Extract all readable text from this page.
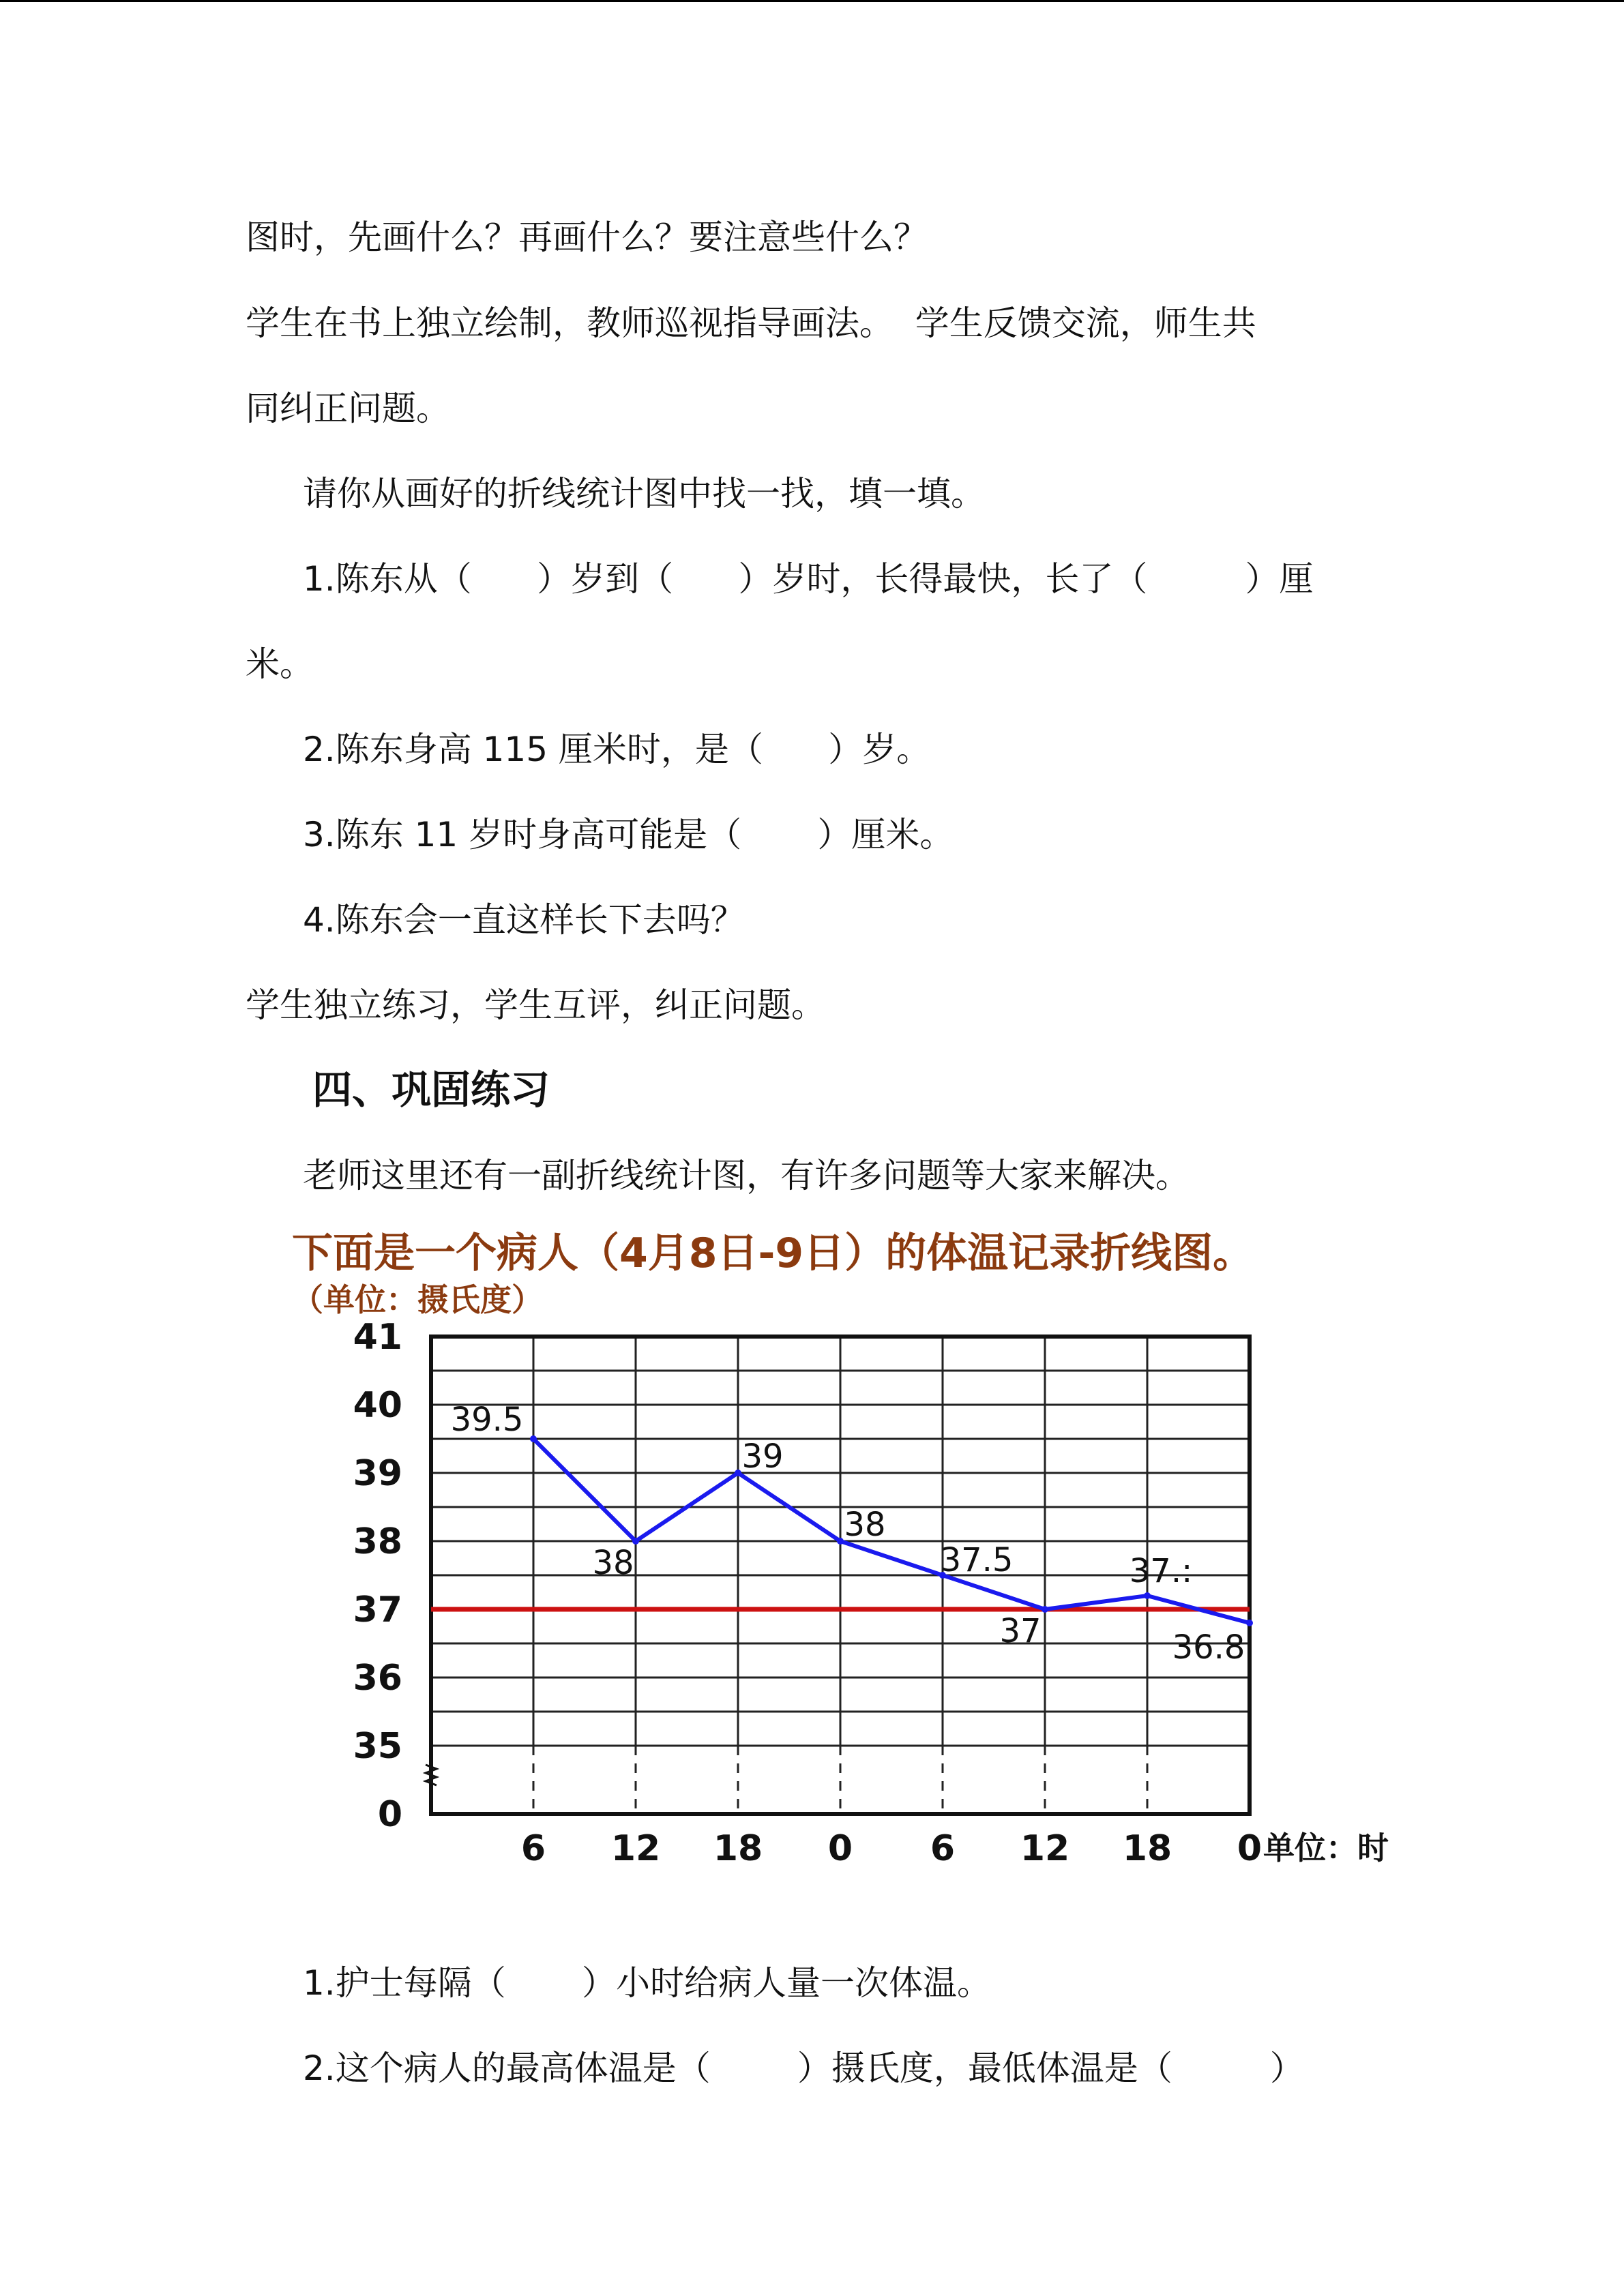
图时，先画什么？再画什么？要注意些什么？

学生在书上独立绘制，教师巡视指导画法。  学生反馈交流，师生共

同纠正问题。

请你从画好的折线统计图中找一找，填一填。

1.陈东从（      ）岁到（      ）岁时，长得最快，长了（         ）厘

米。

2.陈东身高 115 厘米时，是（      ）岁。

3.陈东 11 岁时身高可能是（       ）厘米。

4.陈东会一直这样长下去吗？

学生独立练习，学生互评，纠正问题。

四、巩固练习

老师这里还有一副折线统计图，有许多问题等大家来解决。

下面是一个病人（4月8日-9日）的体温记录折线图。
（单位：摄氏度）
41
40
39
38
37
36
35
0
6 12 18 0 6 12 18 0
39.5
38
39
38
37.5
37
37.:
36.8
单位：时

1.护士每隔（       ）小时给病人量一次体温。

2.这个病人的最高体温是（        ）摄氏度，最低体温是（         ）
